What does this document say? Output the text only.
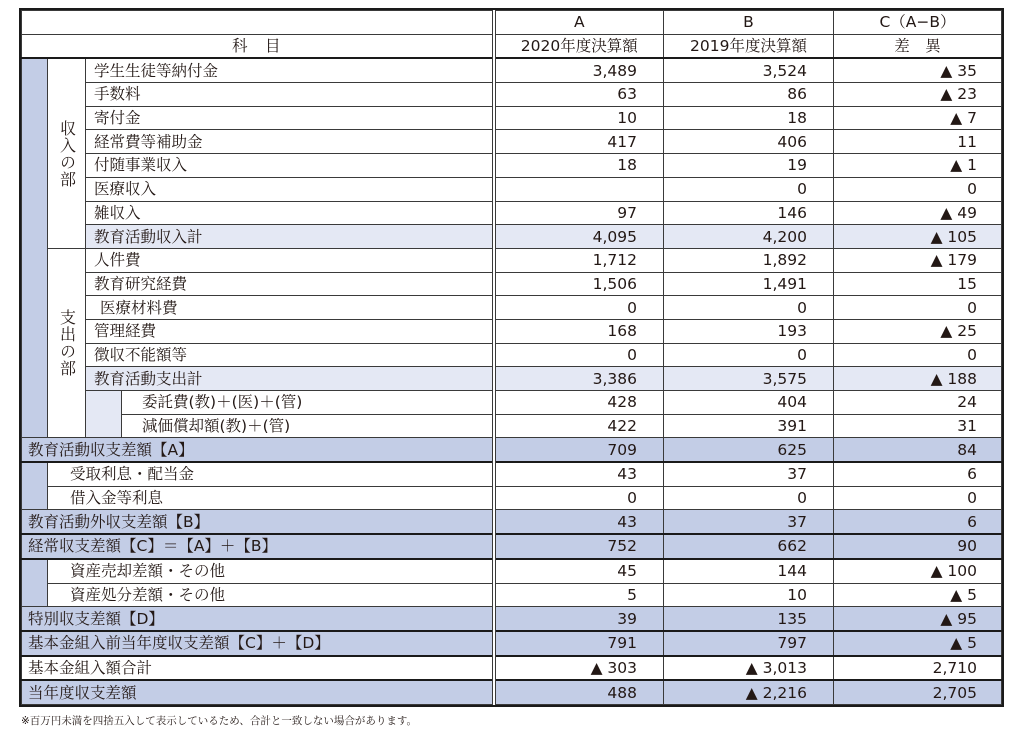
				A	B	C（A−B）
科　目				2020年度決算額	2019年度決算額	差　異
	収入の部	学生生徒等納付金		3,489	3,524	▲ 35
		手数料		63	86	▲ 23
		寄付金		10	18	▲ 7
		経常費等補助金		417	406	11
		付随事業収入		18	19	▲ 1
		医療収入			0	0
		雑収入		97	146	▲ 49
		教育活動収入計		4,095	4,200	▲ 105
	支出の部	人件費		1,712	1,892	▲ 179
		教育研究経費		1,506	1,491	15
		医療材料費		0	0	0
		管理経費		168	193	▲ 25
		徴収不能額等		0	0	0
		教育活動支出計		3,386	3,575	▲ 188
			委託費(教)＋(医)＋(管)	428	404	24
			減価償却額(教)＋(管)	422	391	31
教育活動収支差額【A】				709	625	84
	受取利息・配当金			43	37	6
	借入金等利息			0	0	0
教育活動外収支差額【B】				43	37	6
経常収支差額【C】＝【A】＋【B】				752	662	90
	資産売却差額・その他			45	144	▲ 100
	資産処分差額・その他			5	10	▲ 5
特別収支差額【D】				39	135	▲ 95
基本金組入前当年度収支差額【C】＋【D】				791	797	▲ 5
基本金組入額合計				▲ 303	▲ 3,013	2,710
当年度収支差額				488	▲ 2,216	2,705
※百万円未満を四捨五入して表示しているため、合計と一致しない場合があります。
